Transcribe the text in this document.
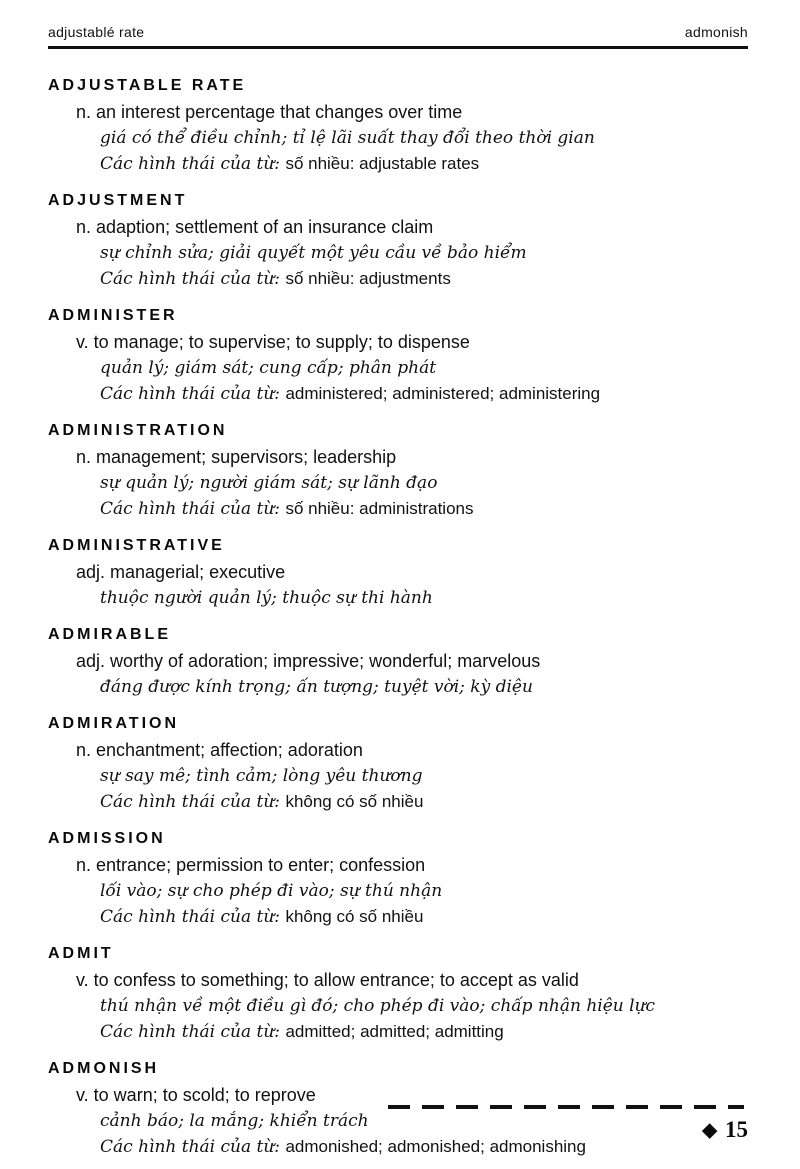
adjustablé rate	admonish
ADJUSTABLE RATE
n. an interest percentage that changes over time
giá có thể điều chỉnh; tỉ lệ lãi suất thay đổi theo thời gian
Các hình thái của từ: số nhiều: adjustable rates
ADJUSTMENT
n. adaption; settlement of an insurance claim
sự chỉnh sửa; giải quyết một yêu cầu về bảo hiểm
Các hình thái của từ: số nhiều: adjustments
ADMINISTER
v. to manage; to supervise; to supply; to dispense
quản lý; giám sát; cung cấp; phân phát
Các hình thái của từ: administered; administered; administering
ADMINISTRATION
n. management; supervisors; leadership
sự quản lý; người giám sát; sự lãnh đạo
Các hình thái của từ: số nhiều: administrations
ADMINISTRATIVE
adj. managerial; executive
thuộc người quản lý; thuộc sự thi hành
ADMIRABLE
adj. worthy of adoration; impressive; wonderful; marvelous
đáng được kính trọng; ấn tượng; tuyệt vời; kỳ diệu
ADMIRATION
n. enchantment; affection; adoration
sự say mê; tình cảm; lòng yêu thương
Các hình thái của từ: không có số nhiều
ADMISSION
n. entrance; permission to enter; confession
lối vào; sự cho phép đi vào; sự thú nhận
Các hình thái của từ: không có số nhiều
ADMIT
v. to confess to something; to allow entrance; to accept as valid
thú nhận về một điều gì đó; cho phép đi vào; chấp nhận hiệu lực
Các hình thái của từ: admitted; admitted; admitting
ADMONISH
v. to warn; to scold; to reprove
cảnh báo; la mắng; khiển trách
Các hình thái của từ: admonished; admonished; admonishing
◆ 15
